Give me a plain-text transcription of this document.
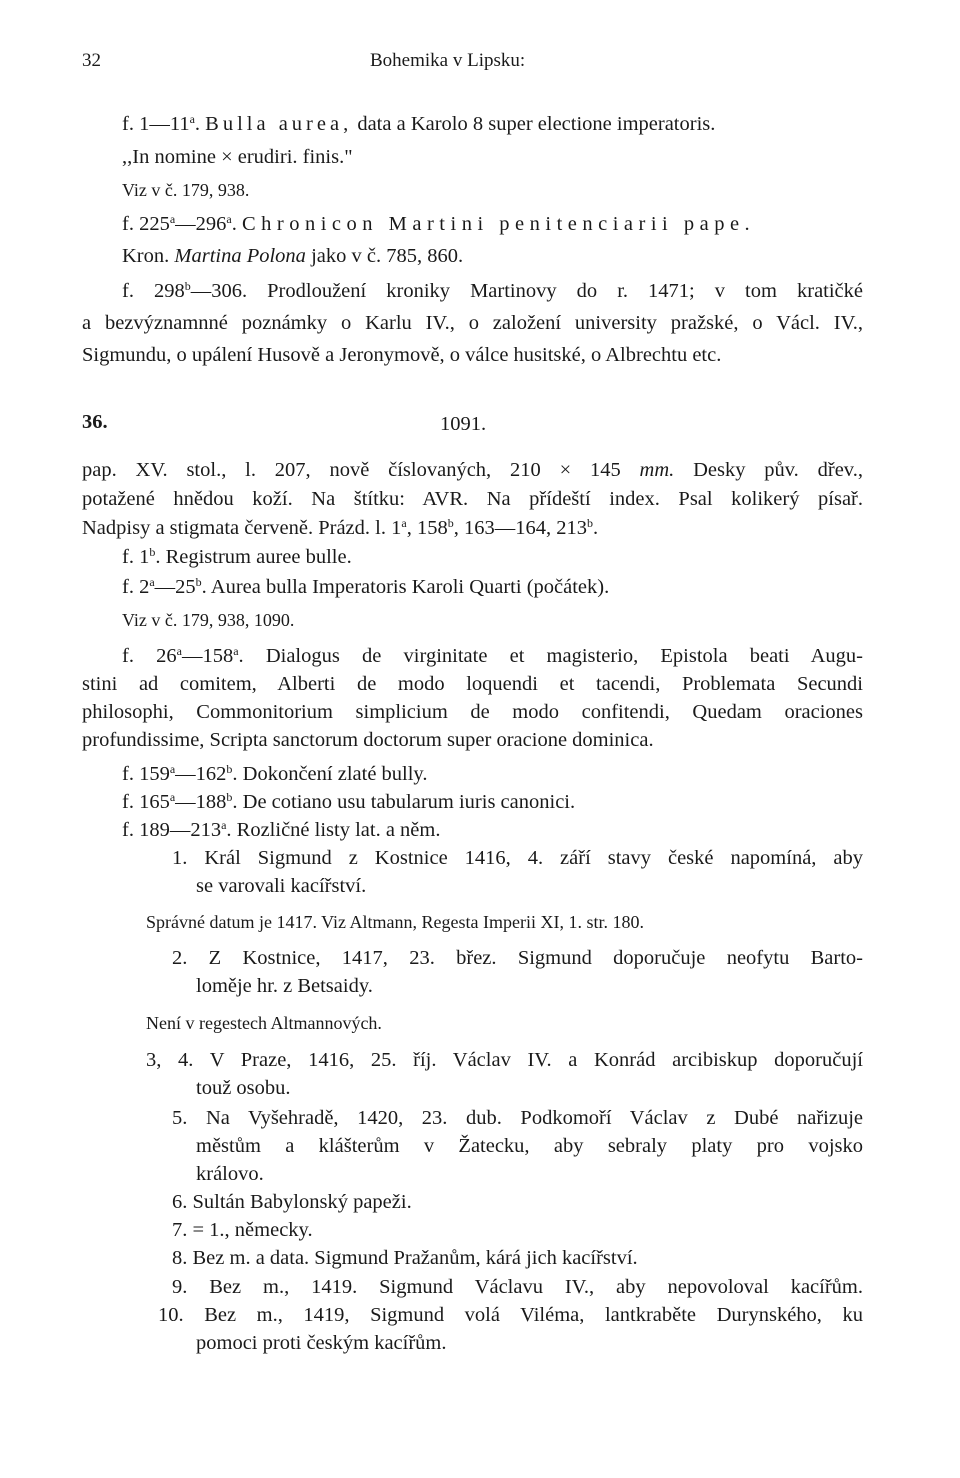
32	Bohemika v Lipsku:
f. 1—11$^a$. Bulla aurea, data a Karolo 8 super electione imperatoris.
,,In nomine × erudiri. finis."
Viz v č. 179, 938.
f. 225$^a$—296$^a$. Chronicon Martini penitenciarii pape.
Kron. Martina Polona jako v č. 785, 860.
f. 298$^b$—306. Prodloužení kroniky Martinovy do r. 1471; v tom kratičké
a bezvýznamnné poznámky o Karlu IV., o založení university pražské, o Václ. IV.,
Sigmundu, o upálení Husově a Jeronymově, o válce husitské, o Albrechtu etc.
36.	1091.
pap. XV. stol., l. 207, nově číslovaných, 210 × 145 mm. Desky pův. dřev.,
potažené hnědou koží. Na štítku: AVR. Na přídeští index. Psal kolikerý písař.
Nadpisy a stigmata červeně. Prázd. l. 1$^a$, 158$^b$, 163—164, 213$^b$.
f. 1$^b$. Registrum auree bulle.
f. 2$^a$—25$^b$. Aurea bulla Imperatoris Karoli Quarti (počátek).
Viz v č. 179, 938, 1090.
f. 26$^a$—158$^a$. Dialogus de virginitate et magisterio, Epistola beati Augu-
stini ad comitem, Alberti de modo loquendi et tacendi, Problemata Secundi
philosophi, Commonitorium simplicium de modo confitendi, Quedam oraciones
profundissime, Scripta sanctorum doctorum super oracione dominica.
f. 159$^a$—162$^b$. Dokončení zlaté bully.
f. 165$^a$—188$^b$. De cotiano usu tabularum iuris canonici.
f. 189—213$^a$. Rozličné listy lat. a něm.
1. Král Sigmund z Kostnice 1416, 4. září stavy české napomíná, aby
se varovali kacířství.
Správné datum je 1417. Viz Altmann, Regesta Imperii XI, 1. str. 180.
2. Z Kostnice, 1417, 23. břez. Sigmund doporučuje neofytu Barto-
loměje hr. z Betsaidy.
Není v regestech Altmannových.
3, 4. V Praze, 1416, 25. říj. Václav IV. a Konrád arcibiskup doporučují
touž osobu.
5. Na Vyšehradě, 1420, 23. dub. Podkomoří Václav z Dubé nařizuje
městům a klášterům v Žatecku, aby sebraly platy pro vojsko
královo.
6. Sultán Babylonský papeži.
7. = 1., německy.
8. Bez m. a data. Sigmund Pražanům, kárá jich kacířství.
9. Bez m., 1419. Sigmund Václavu IV., aby nepovoloval kacířům.
10. Bez m., 1419, Sigmund volá Viléma, lantkraběte Durynského, ku
pomoci proti českým kacířům.
